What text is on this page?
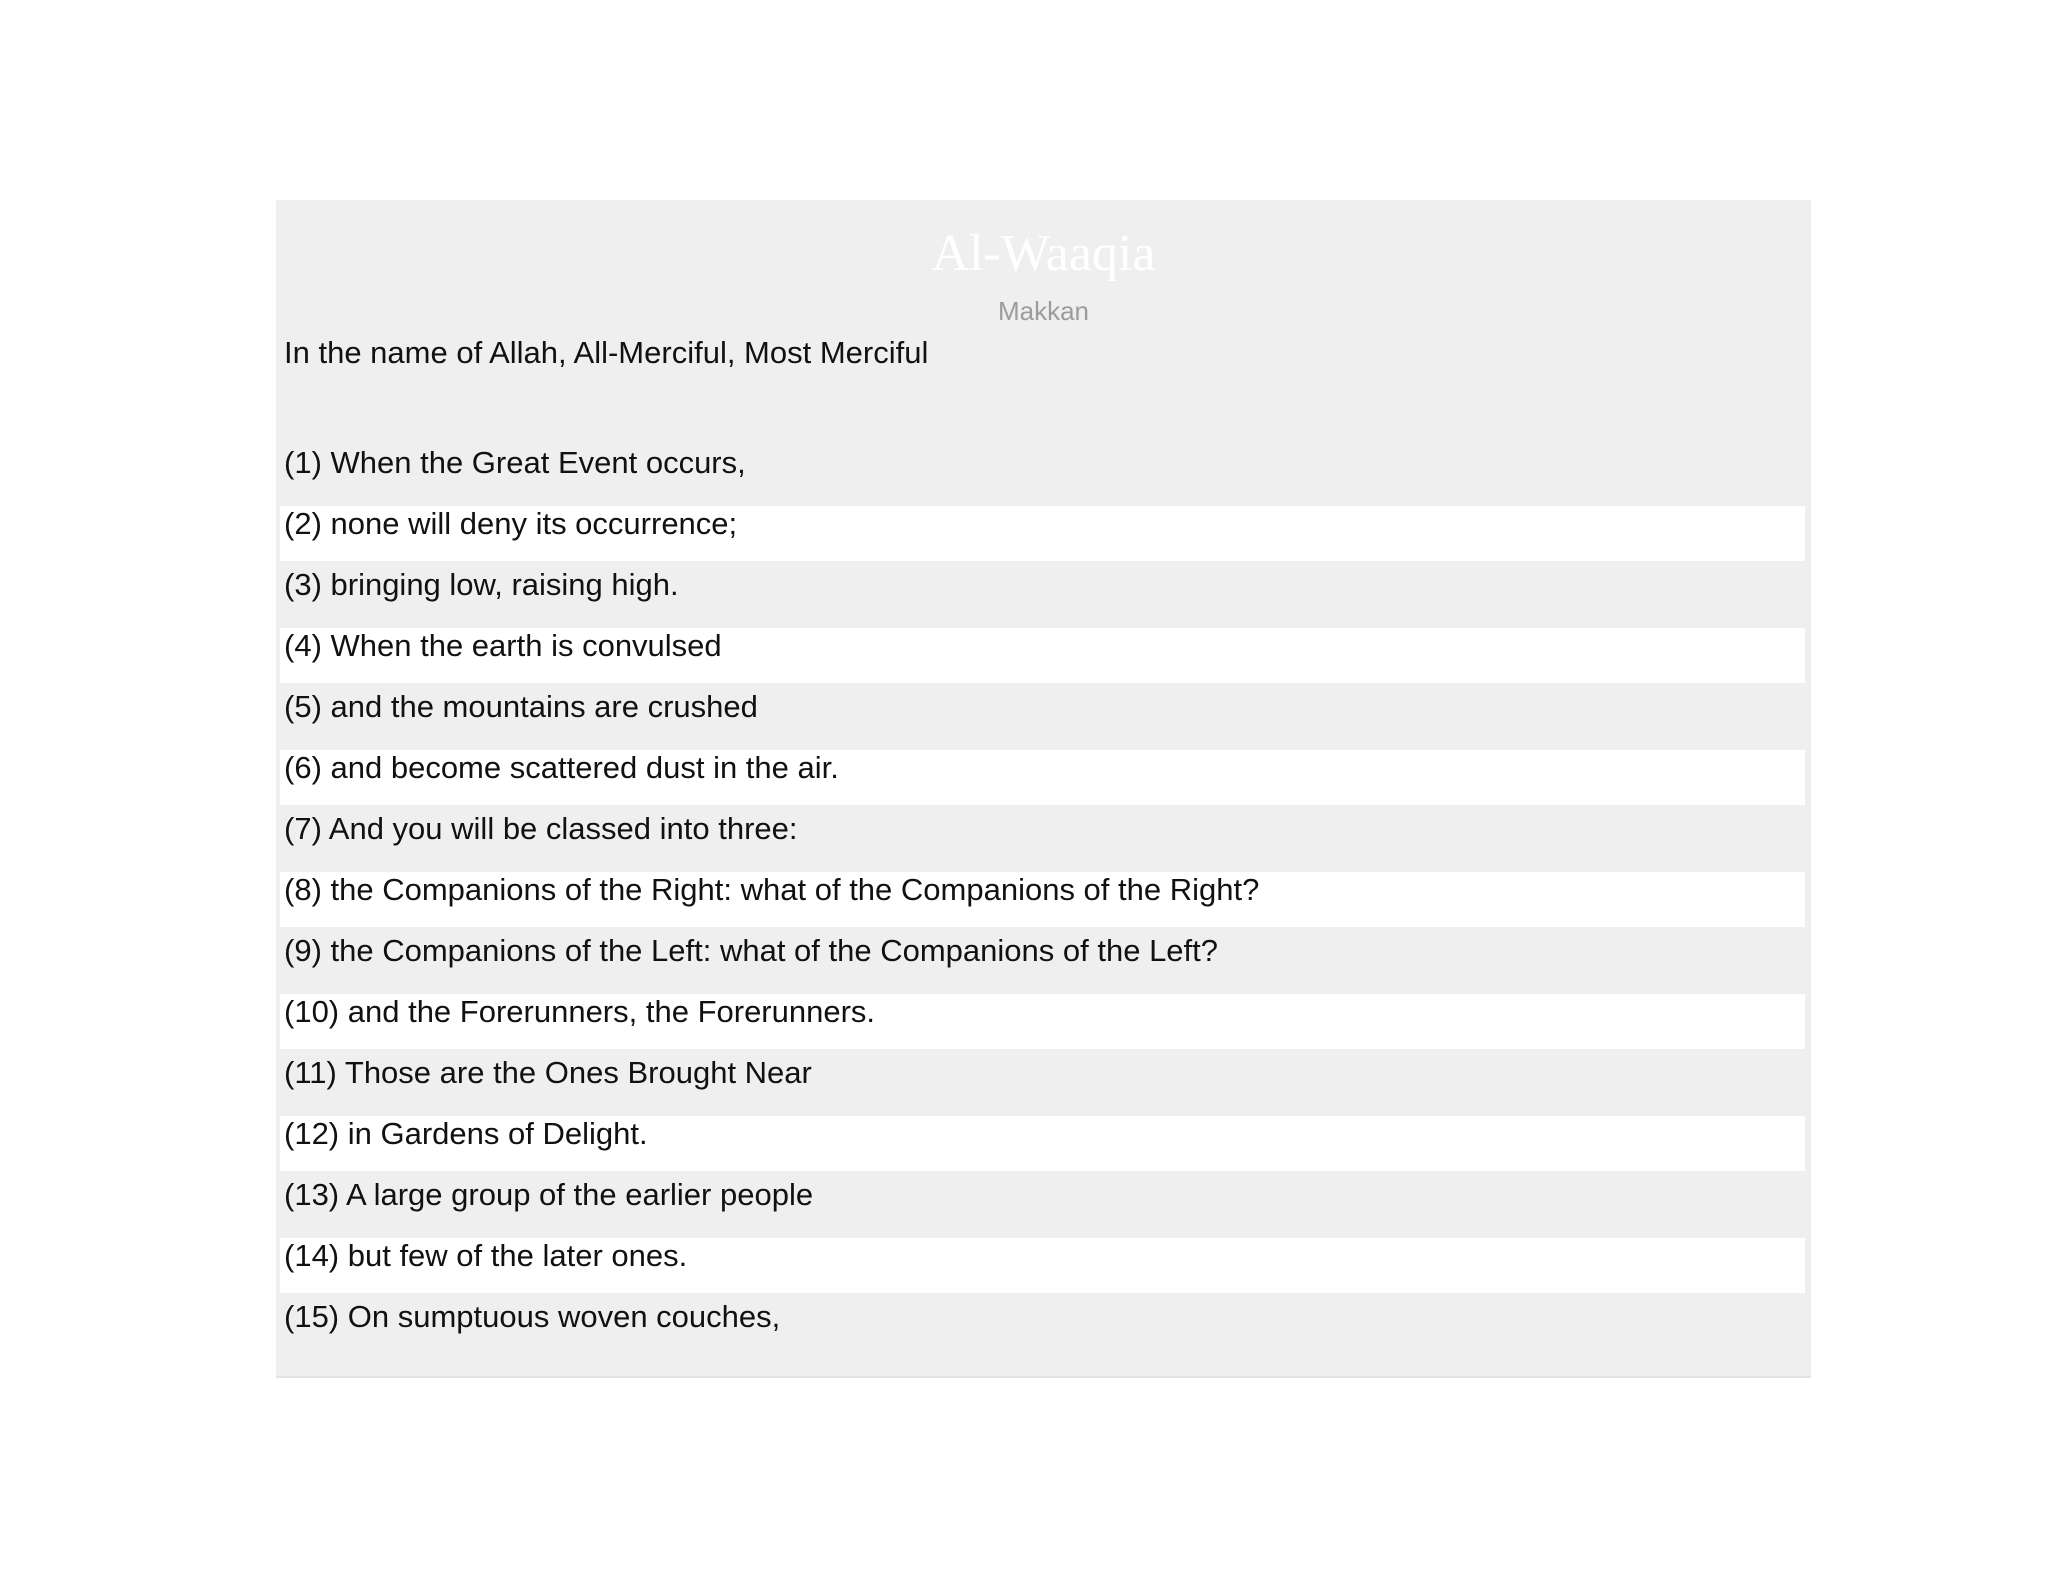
Al-Waaqia
Makkan
In the name of Allah, All-Merciful, Most Merciful
(1) When the Great Event occurs,
(2) none will deny its occurrence;
(3) bringing low, raising high.
(4) When the earth is convulsed
(5) and the mountains are crushed
(6) and become scattered dust in the air.
(7) And you will be classed into three:
(8) the Companions of the Right: what of the Companions of the Right?
(9) the Companions of the Left: what of the Companions of the Left?
(10) and the Forerunners, the Forerunners.
(11) Those are the Ones Brought Near
(12) in Gardens of Delight.
(13) A large group of the earlier people
(14) but few of the later ones.
(15) On sumptuous woven couches,
